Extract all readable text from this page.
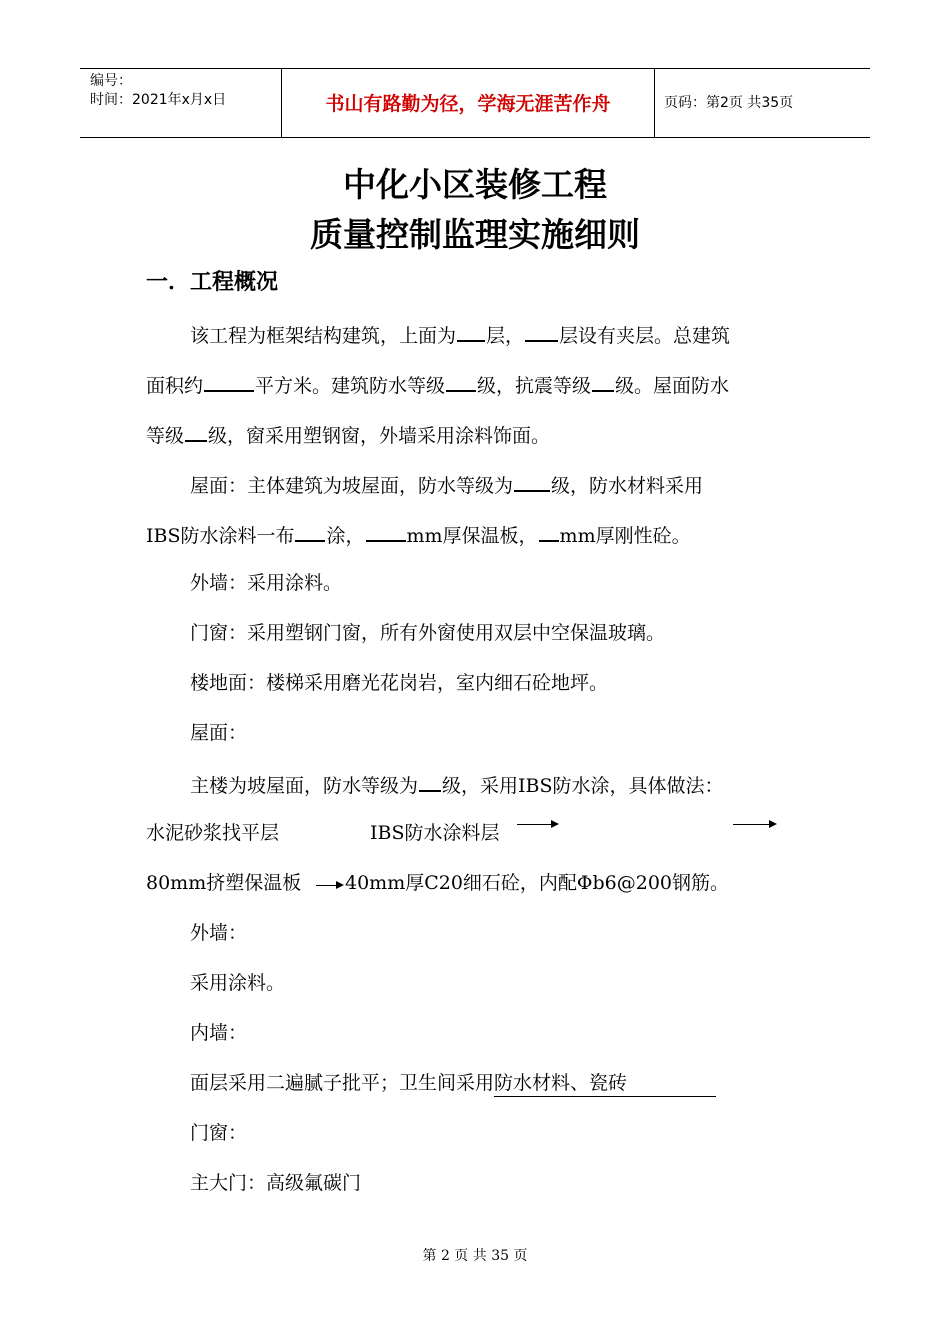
编号：
时间：2021年x月x日	书山有路勤为径，学海无涯苦作舟	页码：第2页 共35页
中化小区装修工程
质量控制监理实施细则
一．工程概况
该工程为框架结构建筑，上面为 层， 层设有夹层。总建筑
面积约	平方米。建筑防水等级 级，抗震等级 级。屋面防水
等级 级，窗采用塑钢窗，外墙采用涂料饰面。
屋面：主体建筑为坡屋面，防水等级为 级，防水材料采用
IBS防水涂料一布 涂， mm厚保温板， mm厚刚性砼。
外墙：采用涂料。
门窗：采用塑钢门窗，所有外窗使用双层中空保温玻璃。
楼地面：楼梯采用磨光花岗岩，室内细石砼地坪。
屋面：
主楼为坡屋面，防水等级为 级，采用IBS防水涂，具体做法：
水泥砂浆找平层	IBS防水涂料层
80mm挤塑保温板 40mm厚C20细石砼，内配Φb6@200钢筋。
外墙：
采用涂料。
内墙：
面层采用二遍腻子批平；卫生间采用防水材料、瓷砖
门窗：
主大门：高级氟碳门
第 2 页 共 35 页
